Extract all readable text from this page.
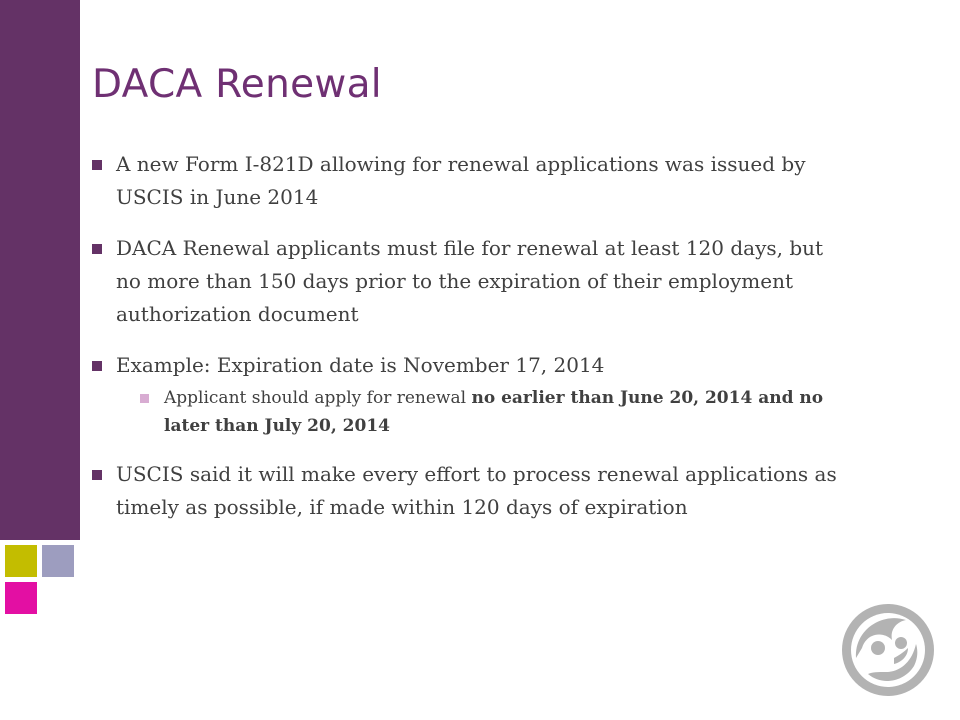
DACA Renewal
A new Form I-821D allowing for renewal applications was issued by USCIS in June 2014
DACA Renewal applicants must file for renewal at least 120 days, but no more than 150 days prior to the expiration of their employment authorization document
Example: Expiration date is November 17, 2014
Applicant should apply for renewal no earlier than June 20, 2014 and no later than July 20, 2014
USCIS said it will make every effort to process renewal applications as timely as possible, if made within 120 days of expiration
